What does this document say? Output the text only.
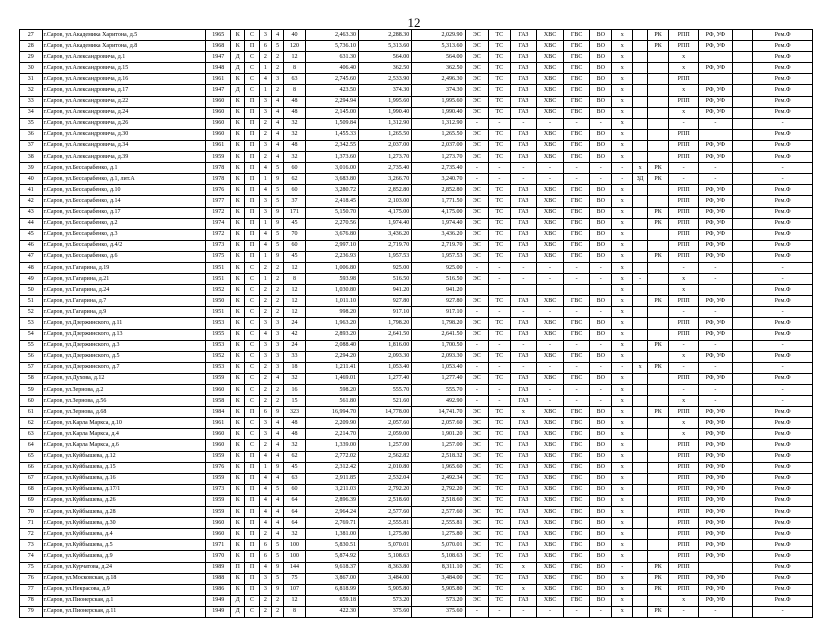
12
27	г.Саров, ул.Академика Харитона, д.5	1965	К	С	3	4	40	2,463.30	2,288.30	2,029.90	ЭС	ТС	ГАЗ	ХВС	ГВС	ВО	х		РК	РПП	РФ, УФ		Рем.Ф
28	г.Саров, ул.Академика Харитона, д.8	1968	К	П	6	5	120	5,736.10	5,313.60	5,313.60	ЭС	ТС	ГАЗ	ХВС	ГВС	ВО	х		РК	РПП	РФ, УФ		Рем.Ф
29	г.Саров, ул.Александровича, д.1	1947	Д	С	2	2	12	631.30	564.00	564.00	ЭС	ТС	ГАЗ	ХВС	ГВС	ВО	х			х			Рем.Ф
30	г.Саров, ул.Александровича, д.15	1948	Д	С	1	2	8	406.40	362.50	362.50	ЭС	ТС	ГАЗ	ХВС	ГВС	ВО	х			х	РФ, УФ		Рем.Ф
31	г.Саров, ул.Александровича, д.16	1961	К	С	4	3	63	2,745.60	2,533.90	2,496.30	ЭС	ТС	ГАЗ	ХВС	ГВС	ВО	х			РПП			Рем.Ф
32	г.Саров, ул.Александровича, д.17	1947	Д	С	1	2	8	423.50	374.30	374.30	ЭС	ТС	ГАЗ	ХВС	ГВС	ВО	х			х	РФ, УФ		Рем.Ф
33	г.Саров, ул.Александровича, д.22	1960	К	П	3	4	48	2,294.94	1,995.60	1,995.60	ЭС	ТС	ГАЗ	ХВС	ГВС	ВО	х			РПП	РФ, УФ		Рем.Ф
34	г.Саров, ул.Александровича, д.24	1960	К	П	3	4	48	2,145.00	1,990.40	1,990.40	ЭС	ТС	ГАЗ	ХВС	ГВС	ВО	х			х	РФ, УФ		Рем.Ф
35	г.Саров, ул.Александровича, д.26	1960	К	П	2	4	32	1,509.84	1,312.90	1,312.90	-	-	-	-	-	-	х			-	-		-
36	г.Саров, ул.Александровича, д.30	1960	К	П	2	4	32	1,455.33	1,265.50	1,265.50	ЭС	ТС	ГАЗ	ХВС	ГВС	ВО	х			РПП			Рем.Ф
37	г.Саров, ул.Александровича, д.34	1961	К	П	3	4	48	2,342.55	2,037.00	2,037.00	ЭС	ТС	ГАЗ	ХВС	ГВС	ВО	х			РПП	РФ, УФ		Рем.Ф
38	г.Саров, ул.Александровича, д.39	1959	К	П	2	4	32	1,373.60	1,273.70	1,273.70	ЭС	ТС	ГАЗ	ХВС	ГВС	ВО	х			РПП	РФ, УФ		Рем.Ф
39	г.Саров, ул.Бессарабенко, д.1	1978	К	П	4	5	60	3,016.00	2,735.40	2,735.40	-	-	-	-	-	-	-	х	РК	-	-		-
40	г.Саров, ул.Бессарабенко, д.1, лит.А	1978	К	П	1	9	62	3,683.80	3,266.70	3,240.70	-	-	-	-	-	-	-	ЗД	РК	-	-		-
41	г.Саров, ул.Бессарабенко, д.10	1976	К	П	4	5	60	3,280.72	2,852.80	2,852.80	ЭС	ТС	ГАЗ	ХВС	ГВС	ВО	х			РПП	РФ, УФ		Рем.Ф
42	г.Саров, ул.Бессарабенко, д.14	1977	К	П	3	5	37	2,418.45	2,103.00	1,771.50	ЭС	ТС	ГАЗ	ХВС	ГВС	ВО	х			РПП	РФ, УФ		Рем.Ф
43	г.Саров, ул.Бессарабенко, д.17	1972	К	П	3	9	171	5,150.70	4,175.00	4,175.00	ЭС	ТС	ГАЗ	ХВС	ГВС	ВО	х		РК	РПП	РФ, УФ		Рем.Ф
44	г.Саров, ул.Бессарабенко, д.2	1974	К	П	1	9	45	2,270.56	1,974.40	1,974.40	ЭС	ТС	ГАЗ	ХВС	ГВС	ВО	х		РК	РПП	РФ, УФ		Рем.Ф
45	г.Саров, ул.Бессарабенко, д.3	1972	К	П	4	5	70	3,676.80	3,436.20	3,436.20	ЭС	ТС	ГАЗ	ХВС	ГВС	ВО	х			РПП	РФ, УФ		Рем.Ф
46	г.Саров, ул.Бессарабенко, д.4/2	1973	К	П	4	5	60	2,997.10	2,719.70	2,719.70	ЭС	ТС	ГАЗ	ХВС	ГВС	ВО	х			РПП	РФ, УФ		Рем.Ф
47	г.Саров, ул.Бессарабенко, д.6	1975	К	П	1	9	45	2,236.93	1,957.53	1,957.53	ЭС	ТС	ГАЗ	ХВС	ГВС	ВО	х		РК	РПП	РФ, УФ		Рем.Ф
48	г.Саров, ул.Гагарина, д.19	1951	К	С	2	2	12	1,006.80	925.00	925.00	-	-	-	-	-	-	х			-	-		-
49	г.Саров, ул.Гагарина, д.21	1951	К	С	1	2	8	593.98	516.50	516.50	ЭС	-	-	-	-	-	х	-		х	-		-
50	г.Саров, ул.Гагарина, д.24	1952	К	С	2	2	12	1,030.80	941.20	941.20							х			х			Рем.Ф
51	г.Саров, ул.Гагарина, д.7	1950	К	С	2	2	12	1,011.10	927.80	927.80	ЭС	ТС	ГАЗ	ХВС	ГВС	ВО	х		РК	РПП	РФ, УФ		Рем.Ф
52	г.Саров, ул.Гагарина, д.9	1951	К	С	2	2	12	998.20	917.10	917.10	-	-	-	-	-	-	х			-	-		-
53	г.Саров, ул.Дзержинского, д.11	1953	К	С	3	3	24	1,963.20	1,798.20	1,798.20	ЭС	ТС	ГАЗ	ХВС	ГВС	ВО	х			РПП	РФ, УФ		Рем.Ф
54	г.Саров, ул.Дзержинского, д.13	1955	К	С	4	3	42	2,893.20	2,641.50	2,641.50	ЭС	ТС	ГАЗ	ХВС	ГВС	ВО	х			РПП	РФ, УФ		Рем.Ф
55	г.Саров, ул.Дзержинского, д.3	1953	К	С	3	3	24	2,088.40	1,816.00	1,700.50	-	-	-	-	-	-	х		РК	-	-		-
56	г.Саров, ул.Дзержинского, д.5	1952	К	С	3	3	33	2,294.20	2,093.30	2,093.30	ЭС	ТС	ГАЗ	ХВС	ГВС	ВО	х			х	РФ, УФ		Рем.Ф
57	г.Саров, ул.Дзержинского, д.7	1953	К	С	2	3	18	1,211.41	1,053.40	1,053.40	-	-	-	-	-	-	-	х	РК	-	-		-
58	г.Саров, ул.Духова, д.12	1959	К	С	2	4	32	1,469.01	1,277.40	1,277.40	ЭС	ТС	ГАЗ	ХВС	ГВС	ВО	х			РПП	РФ, УФ		Рем.Ф
59	г.Саров, ул.Зернова, д.2	1960	К	С	2	2	16	598.20	555.70	555.70	-	-	ГАЗ	-	-	-	х			-	-		-
60	г.Саров, ул.Зернова, д.56	1958	К	С	2	2	15	561.80	521.60	492.90	-	-	ГАЗ	-	-	-	х			х	-		-
61	г.Саров, ул.Зернова, д.68	1984	К	П	6	9	323	16,994.70	14,778.00	14,741.70	ЭС	ТС	х	ХВС	ГВС	ВО	х		РК	РПП	РФ, УФ		Рем.Ф
62	г.Саров, ул.Карла Маркса, д.10	1961	К	С	3	4	48	2,209.90	2,057.60	2,057.60	ЭС	ТС	ГАЗ	ХВС	ГВС	ВО	х			х	РФ, УФ		Рем.Ф
63	г.Саров, ул.Карла Маркса, д.4	1960	К	С	3	4	48	2,214.70	2,059.00	1,901.20	ЭС	ТС	ГАЗ	ХВС	ГВС	ВО	х			х	РФ, УФ		Рем.Ф
64	г.Саров, ул.Карла Маркса, д.6	1960	К	С	2	4	32	1,339.00	1,257.00	1,257.00	ЭС	ТС	ГАЗ	ХВС	ГВС	ВО	х			РПП	РФ, УФ		Рем.Ф
65	г.Саров, ул.Куйбышева, д.12	1959	К	П	4	4	62	2,772.02	2,562.82	2,518.32	ЭС	ТС	ГАЗ	ХВС	ГВС	ВО	х			РПП	РФ, УФ		Рем.Ф
66	г.Саров, ул.Куйбышева, д.15	1976	К	П	1	9	45	2,312.42	2,010.80	1,965.60	ЭС	ТС	ГАЗ	ХВС	ГВС	ВО	х			РПП	РФ, УФ		Рем.Ф
67	г.Саров, ул.Куйбышева, д.16	1959	К	П	4	4	63	2,911.85	2,532.04	2,492.34	ЭС	ТС	ГАЗ	ХВС	ГВС	ВО	х			РПП	РФ, УФ		Рем.Ф
68	г.Саров, ул.Куйбышева, д.17/1	1973	К	П	4	5	60	3,211.03	2,792.20	2,792.20	ЭС	ТС	ГАЗ	ХВС	ГВС	ВО	х			РПП	РФ, УФ		Рем.Ф
69	г.Саров, ул.Куйбышева, д.26	1959	К	П	4	4	64	2,896.39	2,518.60	2,518.60	ЭС	ТС	ГАЗ	ХВС	ГВС	ВО	х			РПП	РФ, УФ		Рем.Ф
70	г.Саров, ул.Куйбышева, д.28	1959	К	П	4	4	64	2,964.24	2,577.60	2,577.60	ЭС	ТС	ГАЗ	ХВС	ГВС	ВО	х			РПП	РФ, УФ		Рем.Ф
71	г.Саров, ул.Куйбышева, д.30	1960	К	П	4	4	64	2,769.71	2,555.81	2,555.81	ЭС	ТС	ГАЗ	ХВС	ГВС	ВО	х			РПП	РФ, УФ		Рем.Ф
72	г.Саров, ул.Куйбышева, д.4	1960	К	П	2	4	32	1,381.00	1,275.80	1,275.80	ЭС	ТС	ГАЗ	ХВС	ГВС	ВО	х			РПП	РФ, УФ		Рем.Ф
73	г.Саров, ул.Куйбышева, д.5	1971	К	П	6	5	100	5,830.51	5,070.01	5,070.01	ЭС	ТС	ГАЗ	ХВС	ГВС	ВО	х			РПП	РФ, УФ		Рем.Ф
74	г.Саров, ул.Куйбышева, д.9	1970	К	П	6	5	100	5,874.92	5,108.63	5,108.63	ЭС	ТС	ГАЗ	ХВС	ГВС	ВО	х			РПП	РФ, УФ		Рем.Ф
75	г.Саров, ул.Курчатова, д.24	1989	П	П	4	9	144	9,618.37	8,363.80	8,311.10	ЭС	ТС	х	ХВС	ГВС	ВО	-		РК	РПП			Рем.Ф
76	г.Саров, ул.Московская, д.18	1988	К	П	3	5	75	3,867.00	3,484.00	3,484.00	ЭС	ТС	ГАЗ	ХВС	ГВС	ВО	х		РК	РПП	РФ, УФ		Рем.Ф
77	г.Саров, ул.Некрасова, д.9	1986	К	П	3	9	107	6,818.99	5,905.80	5,905.80	ЭС	ТС	х	ХВС	ГВС	ВО	х		РК	РПП	РФ, УФ		Рем.Ф
78	г.Саров, ул.Пионерская, д.1	1949	Д	С	2	2	12	659.18	573.20	573.20	ЭС	ТС	ГАЗ	ХВС	ГВС	ВО	х			х	РФ, УФ		Рем.Ф
79	г.Саров, ул.Пионерская, д.11	1949	Д	С	2	2	8	422.30	375.60	375.60	-	-	-	-	-	-	х		РК	-	-		-
